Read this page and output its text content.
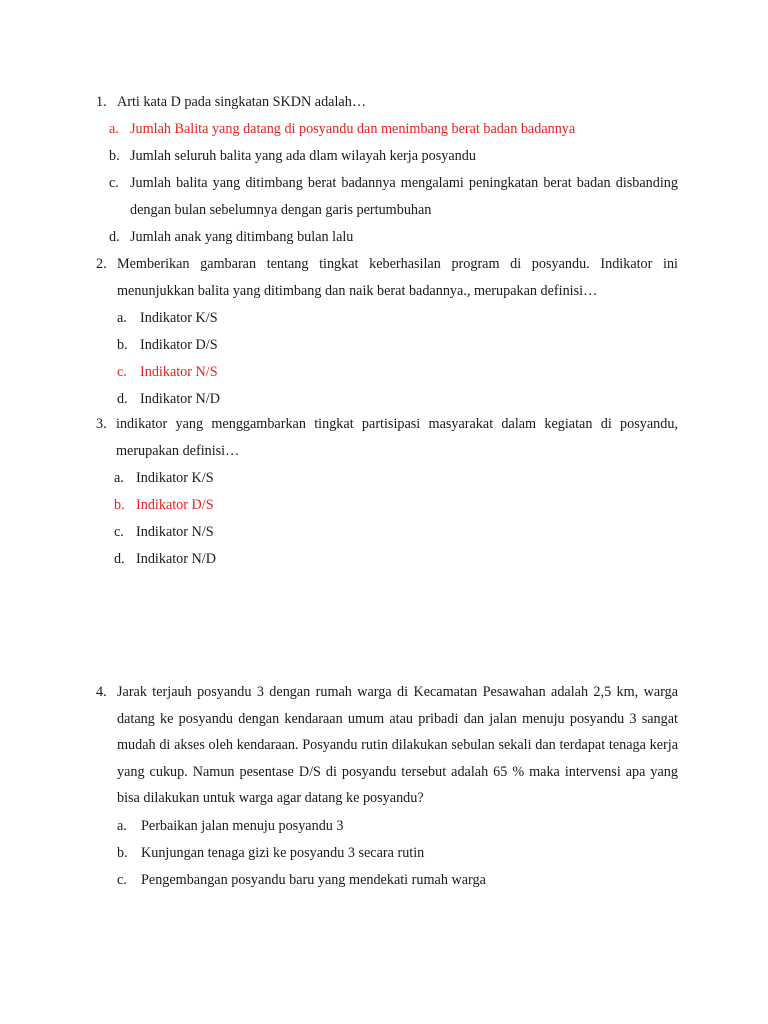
1. Arti kata D pada singkatan SKDN adalah…
a. Jumlah Balita yang datang di posyandu dan menimbang berat badan badannya
b. Jumlah seluruh balita yang ada dlam wilayah kerja posyandu
c. Jumlah balita yang ditimbang berat badannya mengalami peningkatan berat badan disbanding dengan bulan sebelumnya dengan garis pertumbuhan
d. Jumlah anak yang ditimbang bulan lalu
2. Memberikan gambaran tentang tingkat keberhasilan program di posyandu. Indikator ini menunjukkan balita yang ditimbang dan naik berat badannya., merupakan definisi…
a. Indikator K/S
b. Indikator D/S
c. Indikator N/S
d. Indikator N/D
3. indikator yang menggambarkan tingkat partisipasi masyarakat dalam kegiatan di posyandu, merupakan definisi…
a. Indikator K/S
b. Indikator D/S
c. Indikator N/S
d. Indikator N/D
4. Jarak terjauh posyandu 3 dengan rumah warga di Kecamatan Pesawahan adalah 2,5 km, warga datang ke posyandu dengan kendaraan umum atau pribadi dan jalan menuju posyandu 3 sangat mudah di akses oleh kendaraan. Posyandu rutin dilakukan sebulan sekali dan terdapat tenaga kerja yang cukup. Namun pesentase D/S di posyandu tersebut adalah 65 % maka intervensi apa yang bisa dilakukan untuk warga agar datang ke posyandu?
a. Perbaikan jalan menuju posyandu 3
b. Kunjungan tenaga gizi ke posyandu 3 secara rutin
c. Pengembangan posyandu baru yang mendekati rumah warga
